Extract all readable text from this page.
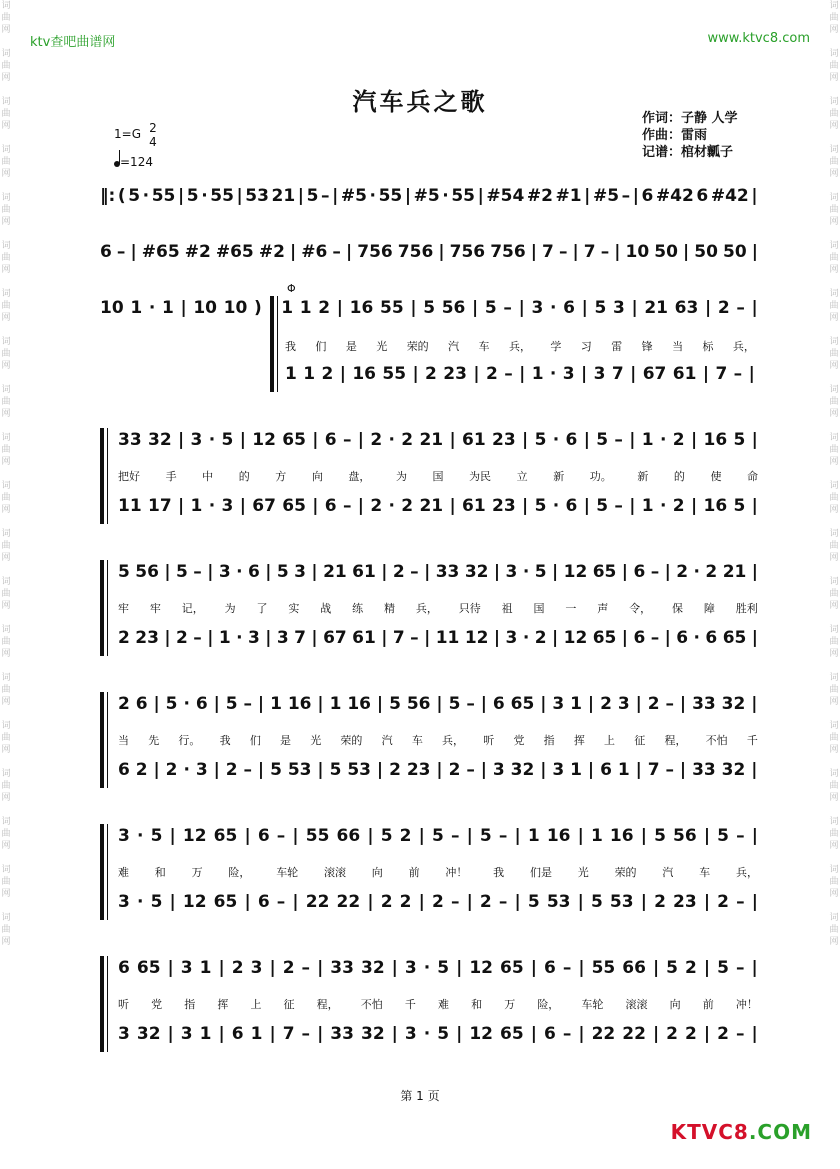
词曲网

词曲网

词曲网

词曲网

词曲网

词曲网

词曲网

词曲网

词曲网

词曲网

词曲网

词曲网

词曲网

词曲网

词曲网

词曲网

词曲网

词曲网

词曲网

词曲网
词曲网

词曲网

词曲网

词曲网

词曲网

词曲网

词曲网

词曲网

词曲网

词曲网

词曲网

词曲网

词曲网

词曲网

词曲网

词曲网

词曲网

词曲网

词曲网

词曲网
ktv查吧曲谱网	www.ktvc8.com
汽车兵之歌
作词：子静 人学
作曲：雷雨
记谱：棺材瓤子
1=G 2
4
=124
Φ
‖: ( 5 · 55 | 5 · 55 | 53 21 | 5 – | #5 · 55 | #5 · 55 | #54 #2 #1 | #5 – | 6 #42 6 #42 |
6 – | #65 #2 #65 #2 | #6 – | 756 756 | 756 756 | 7 – | 7 – | 10 50 | 50 50 |
10 1 · 1 | 10 10 ) 1 1 2 | 16 55 | 5 56 | 5 – | 3 · 6 | 5 3 | 21 63 | 2 – |
我 们 是 光 荣的 汽 车 兵， 学 习 雷 锋 当 标 兵，
1 1 2 | 16 55 | 2 23 | 2 – | 1 · 3 | 3 7 | 67 61 | 7 – |
33 32 | 3 · 5 | 12 65 | 6 – | 2 · 2 21 | 61 23 | 5 · 6 | 5 – | 1 · 2 | 16 5 |
把好 手 中 的 方 向 盘， 为 国 为民 立 新 功。 新 的 使 命
11 17 | 1 · 3 | 67 65 | 6 – | 2 · 2 21 | 61 23 | 5 · 6 | 5 – | 1 · 2 | 16 5 |
5 56 | 5 – | 3 · 6 | 5 3 | 21 61 | 2 – | 33 32 | 3 · 5 | 12 65 | 6 – | 2 · 2 21 |
牢 牢 记， 为 了 实 战 练 精 兵， 只待 祖 国 一 声 令， 保 障 胜利
2 23 | 2 – | 1 · 3 | 3 7 | 67 61 | 7 – | 11 12 | 3 · 2 | 12 65 | 6 – | 6 · 6 65 |
2 6 | 5 · 6 | 5 – | 1 16 | 1 16 | 5 56 | 5 – | 6 65 | 3 1 | 2 3 | 2 – | 33 32 |
当 先 行。 我 们 是 光 荣的 汽 车 兵， 听 党 指 挥 上 征 程， 不怕 千
6 2 | 2 · 3 | 2 – | 5 53 | 5 53 | 2 23 | 2 – | 3 32 | 3 1 | 6 1 | 7 – | 33 32 |
3 · 5 | 12 65 | 6 – | 55 66 | 5 2 | 5 – | 5 – | 1 16 | 1 16 | 5 56 | 5 – |
难 和 万 险， 车轮 滚滚 向 前 冲！ 我 们是 光 荣的 汽 车 兵，
3 · 5 | 12 65 | 6 – | 22 22 | 2 2 | 2 – | 2 – | 5 53 | 5 53 | 2 23 | 2 – |
6 65 | 3 1 | 2 3 | 2 – | 33 32 | 3 · 5 | 12 65 | 6 – | 55 66 | 5 2 | 5 – |
听 党 指 挥 上 征 程， 不怕 千 难 和 万 险， 车轮 滚滚 向 前 冲！
3 32 | 3 1 | 6 1 | 7 – | 33 32 | 3 · 5 | 12 65 | 6 – | 22 22 | 2 2 | 2 – |
第 1 页
KTVC8.COM
